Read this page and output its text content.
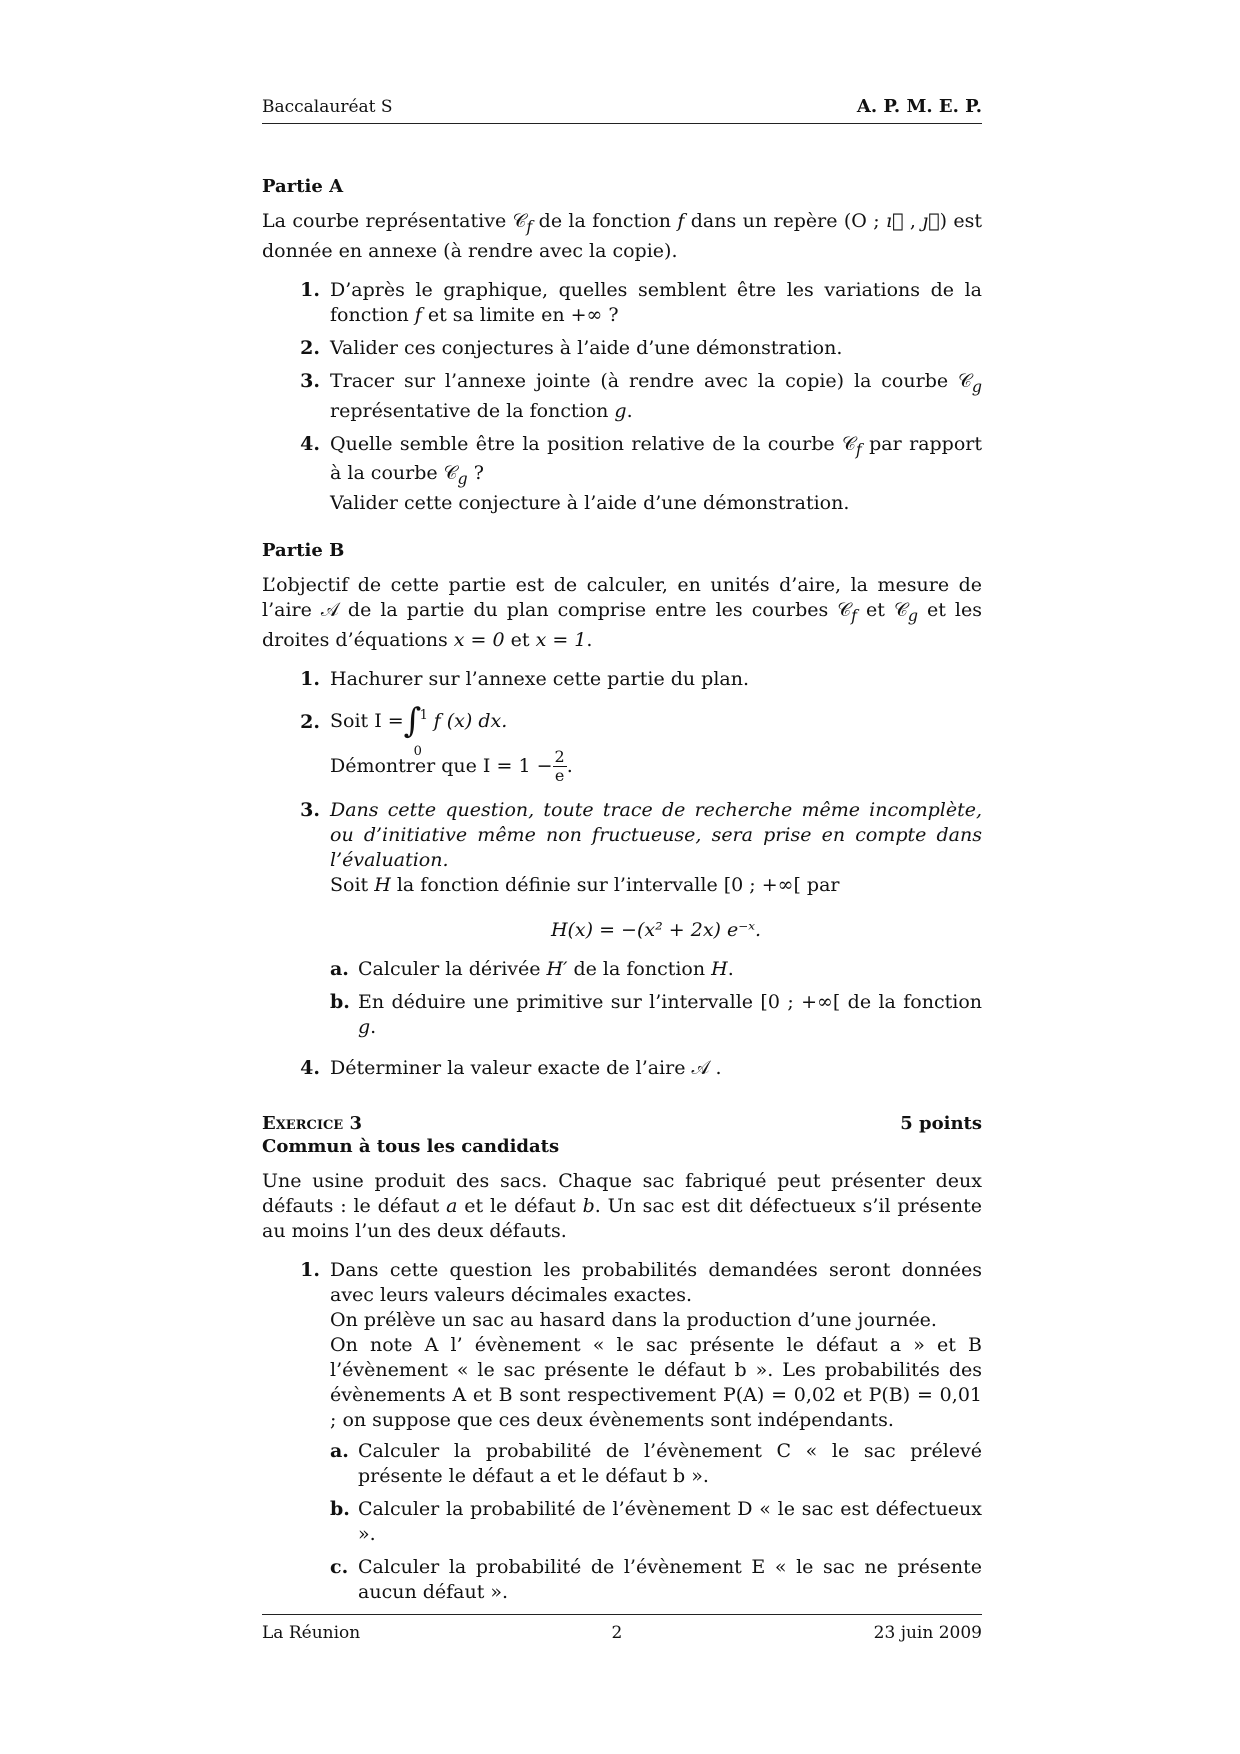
Baccalauréat S	A. P. M. E. P.
Partie A

La courbe représentative 𝒞$_f$ de la fonction f dans un repère (O ; ı⃗ , ȷ⃗) est donnée en annexe (à rendre avec la copie).

1. D’après le graphique, quelles semblent être les variations de la fonction f et sa limite en +∞ ?
2. Valider ces conjectures à l’aide d’une démonstration.
3. Tracer sur l’annexe jointe (à rendre avec la copie) la courbe 𝒞$_g$ représentative de la fonction g.
4. Quelle semble être la position relative de la courbe 𝒞$_f$ par rapport à la courbe 𝒞$_g$ ?
Valider cette conjecture à l’aide d’une démonstration.
Partie B

L’objectif de cette partie est de calculer, en unités d’aire, la mesure de l’aire 𝒜 de la partie du plan comprise entre les courbes 𝒞$_f$ et 𝒞$_g$ et les droites d’équations x = 0 et x = 1.

1. Hachurer sur l’annexe cette partie du plan.
2. Soit I = ∫
1
0
f (x) dx.

Démontrer que $I = 1 - \frac{2}{e}$ .
3. Dans cette question, toute trace de recherche même incomplète, ou d’initiative même non fructueuse, sera prise en compte dans l’évaluation.
Soit H la fonction définie sur l’intervalle [0 ; +∞[ par
H(x) = −(x² + 2x) e⁻ˣ.
a. Calculer la dérivée H′ de la fonction H.
b. En déduire une primitive sur l’intervalle [0 ; +∞[ de la fonction g.
4. Déterminer la valeur exacte de l’aire 𝒜 .
Exercice 3	5 points
Commun à tous les candidats

Une usine produit des sacs. Chaque sac fabriqué peut présenter deux défauts : le défaut a et le défaut b. Un sac est dit défectueux s’il présente au moins l’un des deux défauts.

1. Dans cette question les probabilités demandées seront données avec leurs valeurs décimales exactes.
On prélève un sac au hasard dans la production d’une journée.
On note A l’ évènement « le sac présente le défaut a » et B l’évènement « le sac présente le défaut b ». Les probabilités des évènements A et B sont respectivement P(A) = 0,02 et P(B) = 0,01 ; on suppose que ces deux évènements sont indépendants.
a. Calculer la probabilité de l’évènement C « le sac prélevé présente le défaut a et le défaut b ».
b. Calculer la probabilité de l’évènement D « le sac est défectueux ».
c. Calculer la probabilité de l’évènement E « le sac ne présente aucun défaut ».
La Réunion	2	23 juin 2009
